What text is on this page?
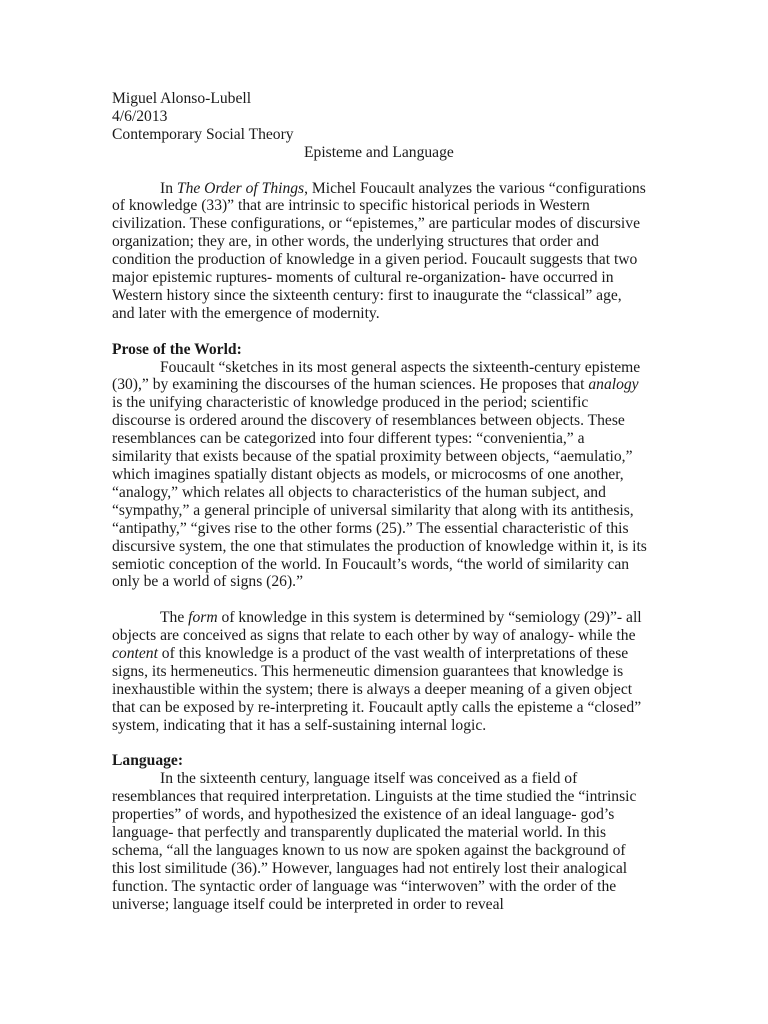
Miguel Alonso-Lubell

4/6/2013

Contemporary Social Theory

Episteme and Language

In The Order of Things, Michel Foucault analyzes the various “configurations of knowledge (33)” that are intrinsic to specific historical periods in Western civilization. These configurations, or “epistemes,” are particular modes of discursive organization; they are, in other words, the underlying structures that order and condition the production of knowledge in a given period. Foucault suggests that two major epistemic ruptures- moments of cultural re-organization- have occurred in Western history since the sixteenth century: first to inaugurate the “classical” age, and later with the emergence of modernity.

Prose of the World:

Foucault “sketches in its most general aspects the sixteenth-century episteme (30),” by examining the discourses of the human sciences. He proposes that analogy is the unifying characteristic of knowledge produced in the period; scientific discourse is ordered around the discovery of resemblances between objects. These resemblances can be categorized into four different types: “convenientia,” a similarity that exists because of the spatial proximity between objects, “aemulatio,” which imagines spatially distant objects as models, or microcosms of one another, “analogy,” which relates all objects to characteristics of the human subject, and “sympathy,” a general principle of universal similarity that along with its antithesis, “antipathy,” “gives rise to the other forms (25).” The essential characteristic of this discursive system, the one that stimulates the production of knowledge within it, is its semiotic conception of the world. In Foucault’s words, “the world of similarity can only be a world of signs (26).”

The form of knowledge in this system is determined by “semiology (29)”- all objects are conceived as signs that relate to each other by way of analogy- while the content of this knowledge is a product of the vast wealth of interpretations of these signs, its hermeneutics. This hermeneutic dimension guarantees that knowledge is inexhaustible within the system; there is always a deeper meaning of a given object that can be exposed by re-interpreting it. Foucault aptly calls the episteme a “closed” system, indicating that it has a self-sustaining internal logic.

Language:

In the sixteenth century, language itself was conceived as a field of resemblances that required interpretation. Linguists at the time studied the “intrinsic properties” of words, and hypothesized the existence of an ideal language- god’s language- that perfectly and transparently duplicated the material world. In this schema, “all the languages known to us now are spoken against the background of this lost similitude (36).” However, languages had not entirely lost their analogical function. The syntactic order of language was “interwoven” with the order of the universe; language itself could be interpreted in order to reveal
